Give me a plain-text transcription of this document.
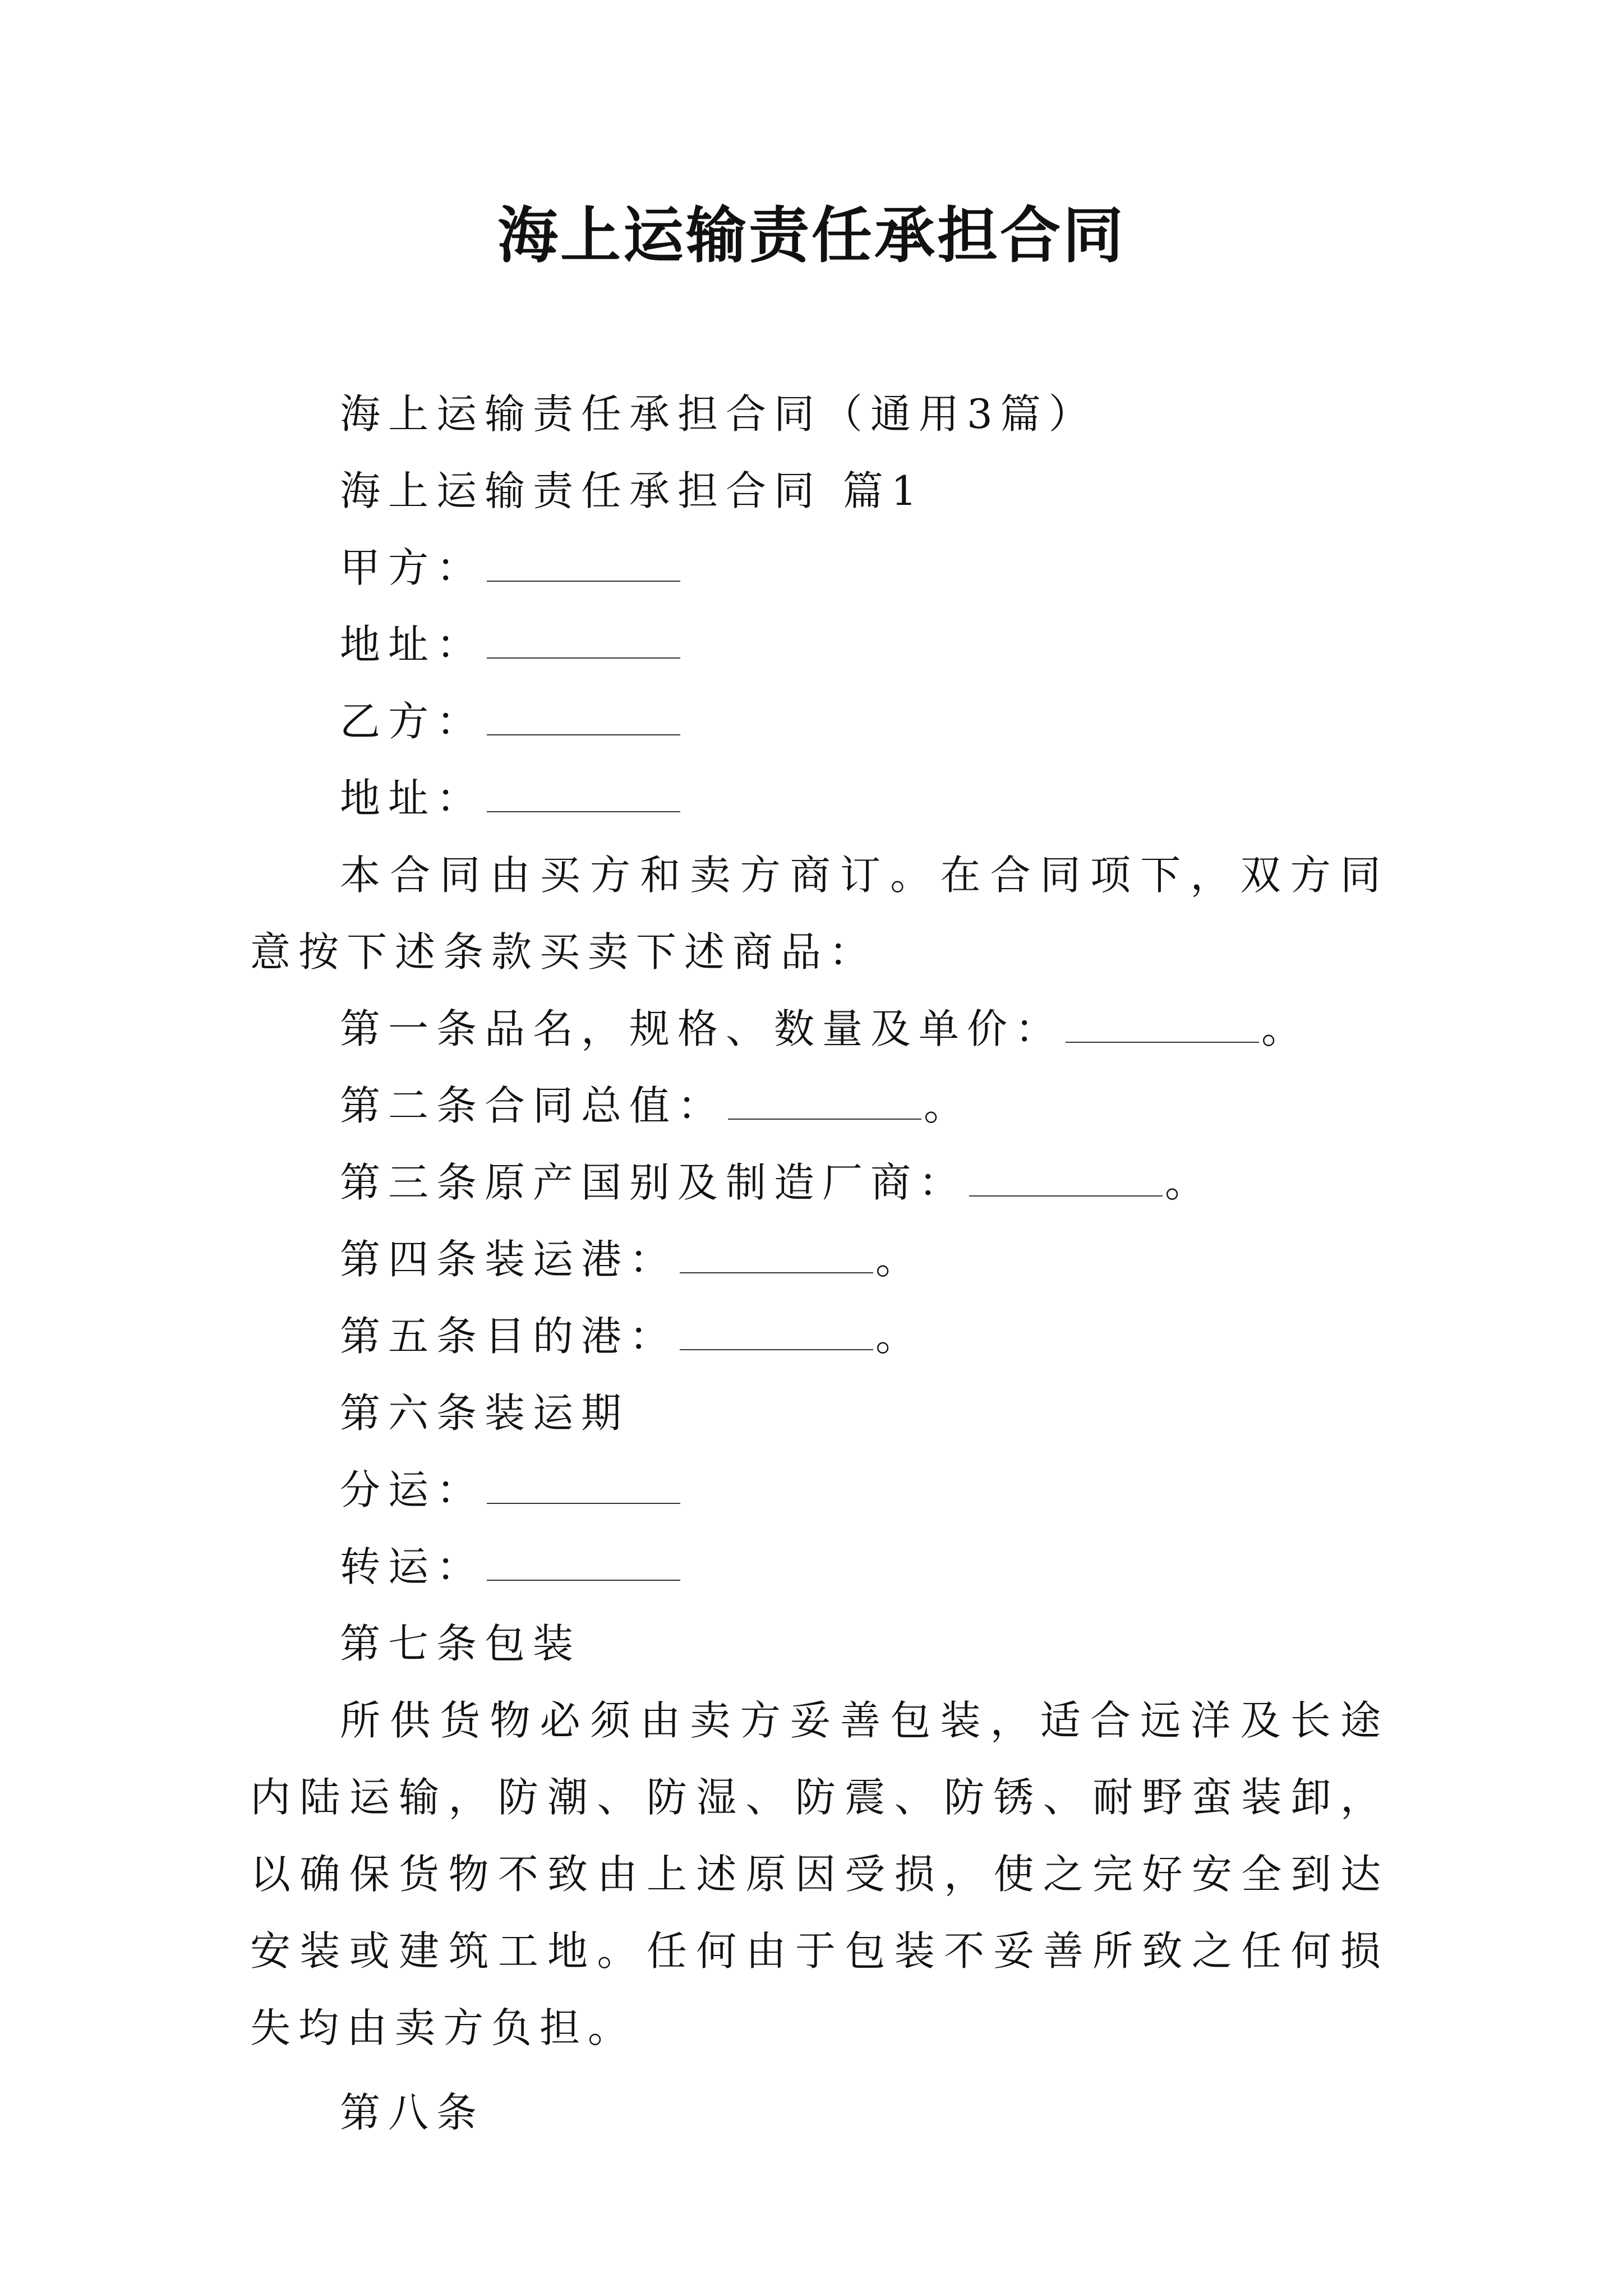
海上运输责任承担合同

海上运输责任承担合同（通用3篇）

海上运输责任承担合同 篇1

甲方：

地址：

乙方：

地址：

本合同由买方和卖方商订。在合同项下，双方同意按下述条款买卖下述商品：

第一条品名，规格、数量及单价：	。

第二条合同总值：	。

第三条原产国别及制造厂商：	。

第四条装运港：	。

第五条目的港：	。

第六条装运期

分运：

转运：

第七条包装

所供货物必须由卖方妥善包装，适合远洋及长途内陆运输，防潮、防湿、防震、防锈、耐野蛮装卸，以确保货物不致由上述原因受损，使之完好安全到达安装或建筑工地。任何由于包装不妥善所致之任何损失均由卖方负担。

第八条
